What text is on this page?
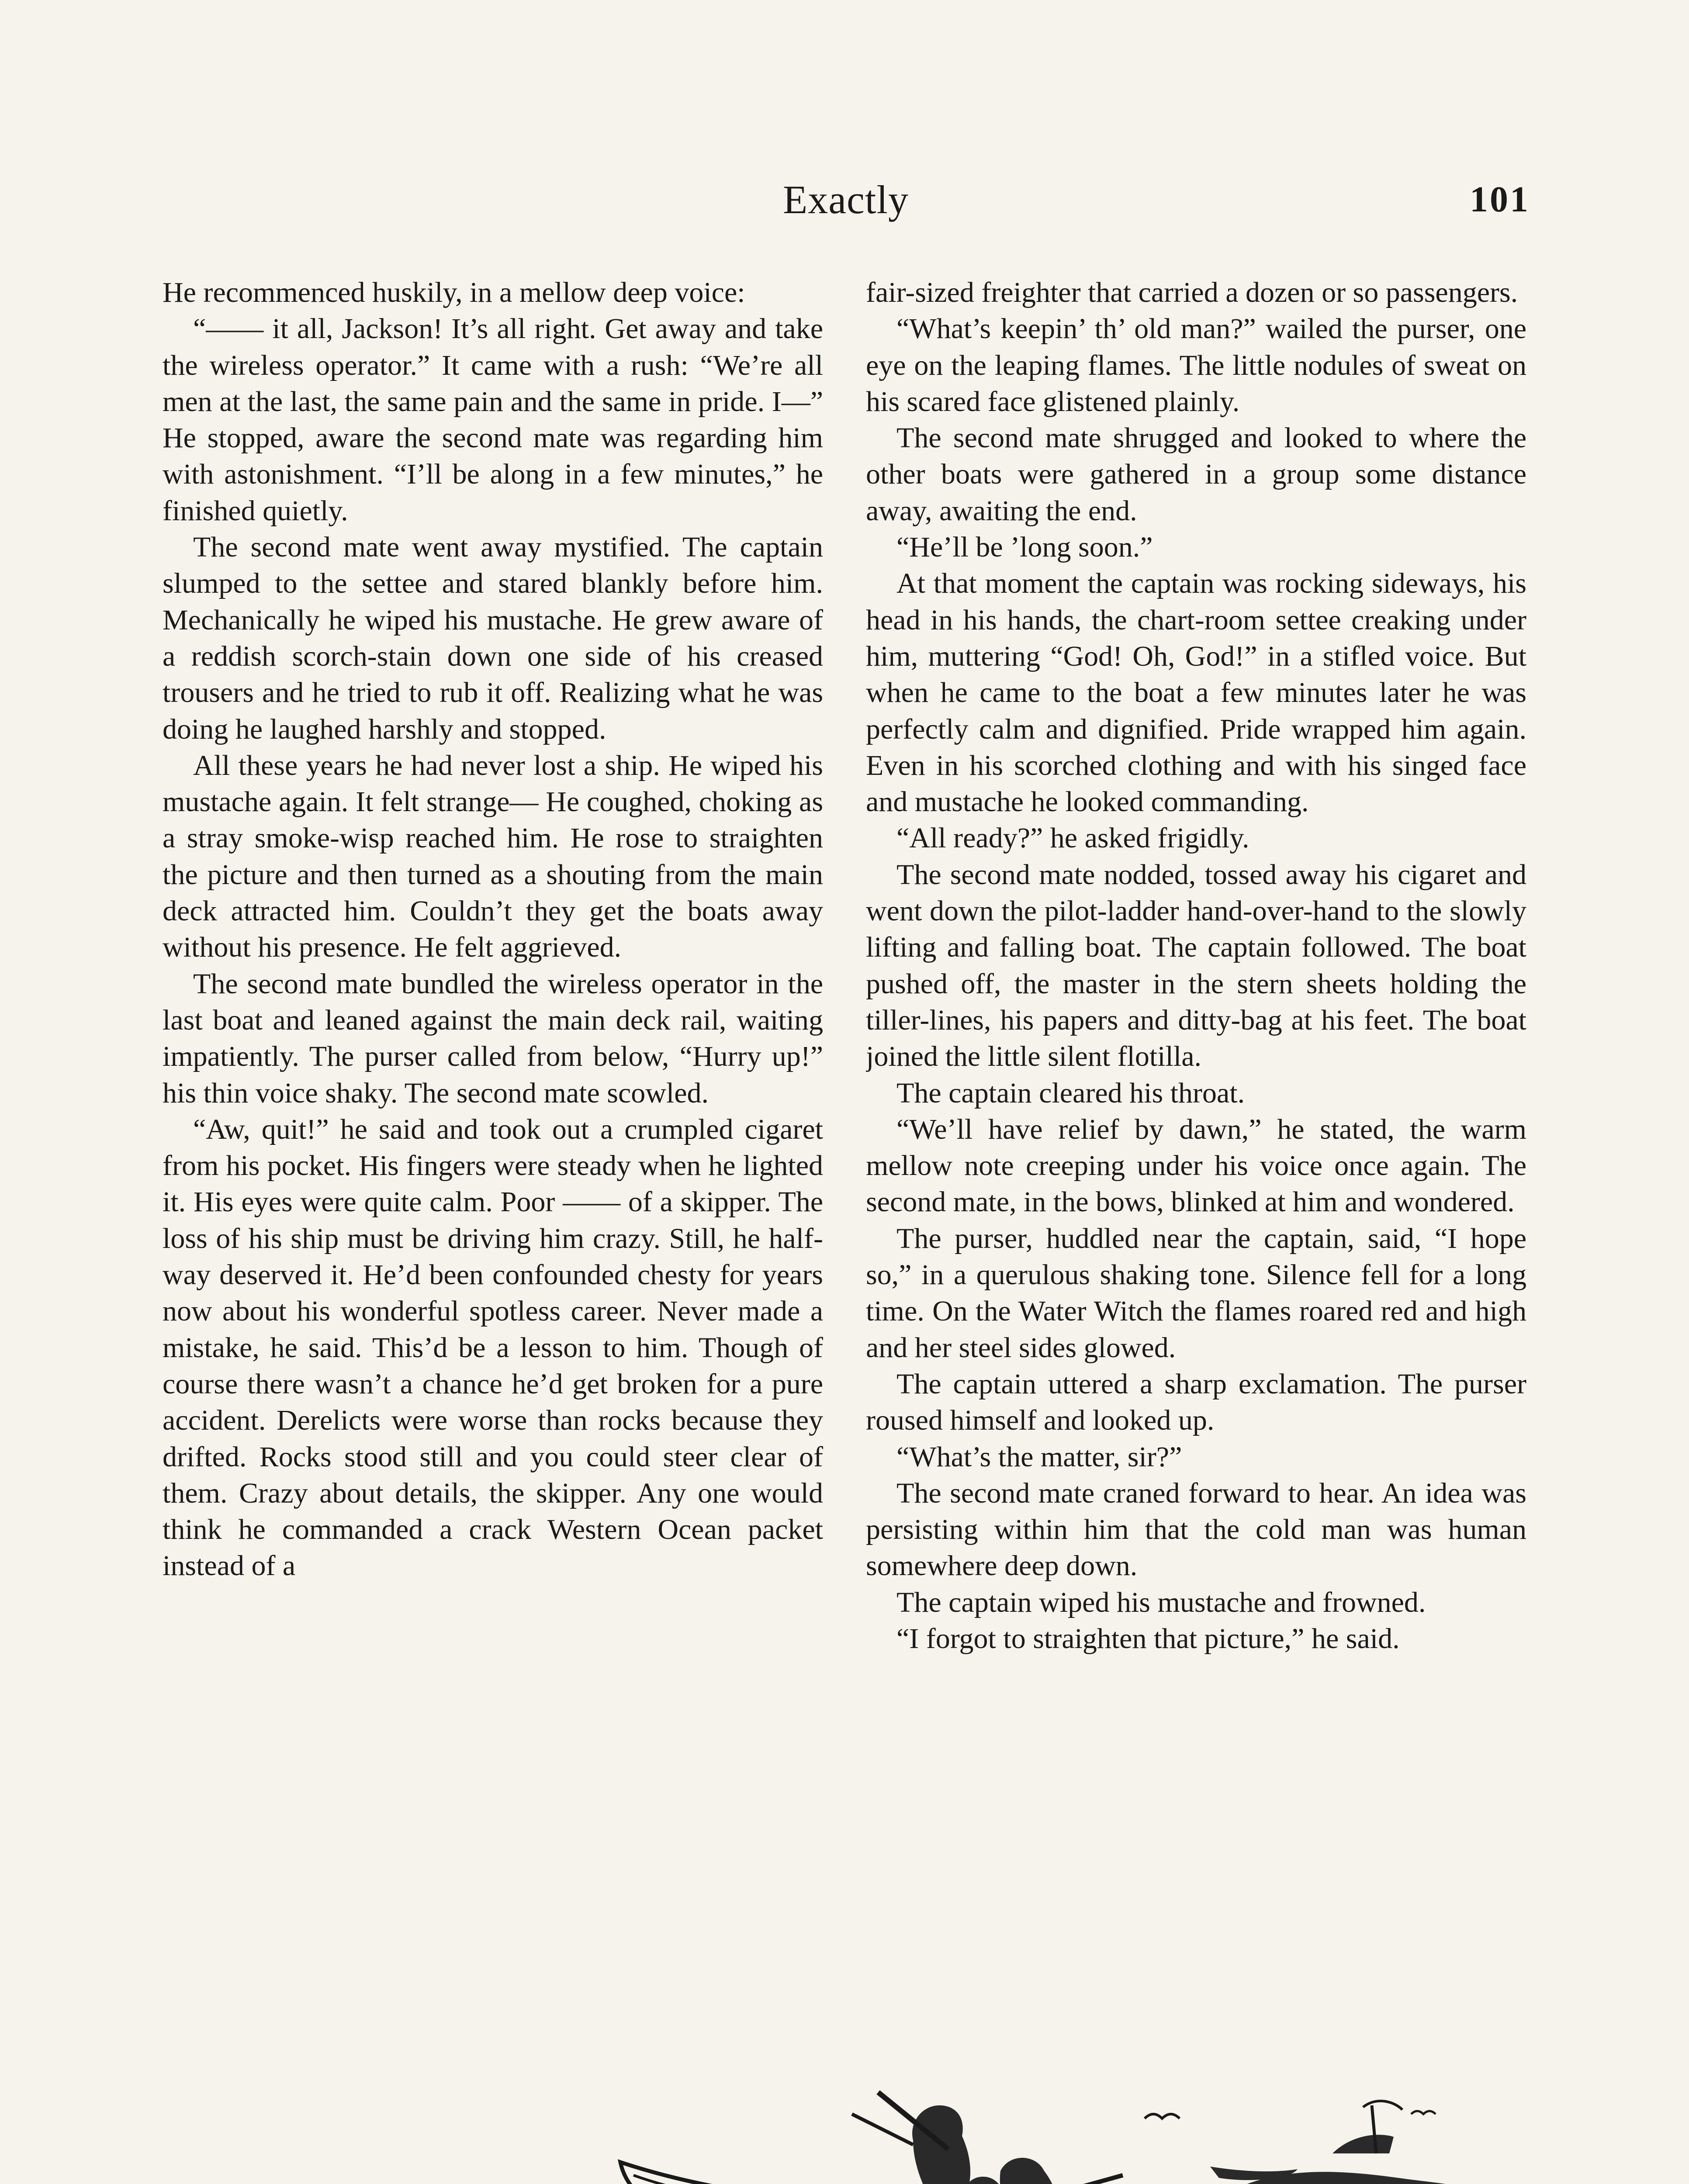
Exactly	101

He recommenced huskily, in a mellow deep voice:

“—— it all, Jackson! It’s all right. Get away and take the wireless operator.” It came with a rush: “We’re all men at the last, the same pain and the same in pride. I—” He stopped, aware the second mate was regarding him with astonishment. “I’ll be along in a few minutes,” he finished quietly.

The second mate went away mystified. The captain slumped to the settee and stared blankly before him. Mechanically he wiped his mustache. He grew aware of a reddish scorch-stain down one side of his creased trousers and he tried to rub it off. Realizing what he was doing he laughed harshly and stopped.

All these years he had never lost a ship. He wiped his mustache again. It felt strange— He coughed, choking as a stray smoke-wisp reached him. He rose to straighten the picture and then turned as a shouting from the main deck attracted him. Couldn’t they get the boats away without his presence. He felt aggrieved.

The second mate bundled the wireless operator in the last boat and leaned against the main deck rail, waiting impatiently. The purser called from below, “Hurry up!” his thin voice shaky. The second mate scowled.

“Aw, quit!” he said and took out a crumpled cigaret from his pocket. His fingers were steady when he lighted it. His eyes were quite calm. Poor —— of a skipper. The loss of his ship must be driving him crazy. Still, he half-way deserved it. He’d been confounded chesty for years now about his wonderful spotless career. Never made a mistake, he said. This’d be a lesson to him. Though of course there wasn’t a chance he’d get broken for a pure accident. Derelicts were worse than rocks because they drifted. Rocks stood still and you could steer clear of them. Crazy about details, the skipper. Any one would think he commanded a crack Western Ocean packet instead of a

fair-sized freighter that carried a dozen or so passengers.

“What’s keepin’ th’ old man?” wailed the purser, one eye on the leaping flames. The little nodules of sweat on his scared face glistened plainly.

The second mate shrugged and looked to where the other boats were gathered in a group some distance away, awaiting the end.

“He’ll be ’long soon.”

At that moment the captain was rocking sideways, his head in his hands, the chart-room settee creaking under him, muttering “God! Oh, God!” in a stifled voice. But when he came to the boat a few minutes later he was perfectly calm and dignified. Pride wrapped him again. Even in his scorched clothing and with his singed face and mustache he looked commanding.

“All ready?” he asked frigidly.

The second mate nodded, tossed away his cigaret and went down the pilot-ladder hand-over-hand to the slowly lifting and falling boat. The captain followed. The boat pushed off, the master in the stern sheets holding the tiller-lines, his papers and ditty-bag at his feet. The boat joined the little silent flotilla.

The captain cleared his throat.

“We’ll have relief by dawn,” he stated, the warm mellow note creeping under his voice once again. The second mate, in the bows, blinked at him and wondered.

The purser, huddled near the captain, said, “I hope so,” in a querulous shaking tone. Silence fell for a long time. On the Water Witch the flames roared red and high and her steel sides glowed.

The captain uttered a sharp exclamation. The purser roused himself and looked up.

“What’s the matter, sir?”

The second mate craned forward to hear. An idea was persisting within him that the cold man was human somewhere deep down.

The captain wiped his mustache and frowned.

“I forgot to straighten that picture,” he said.
